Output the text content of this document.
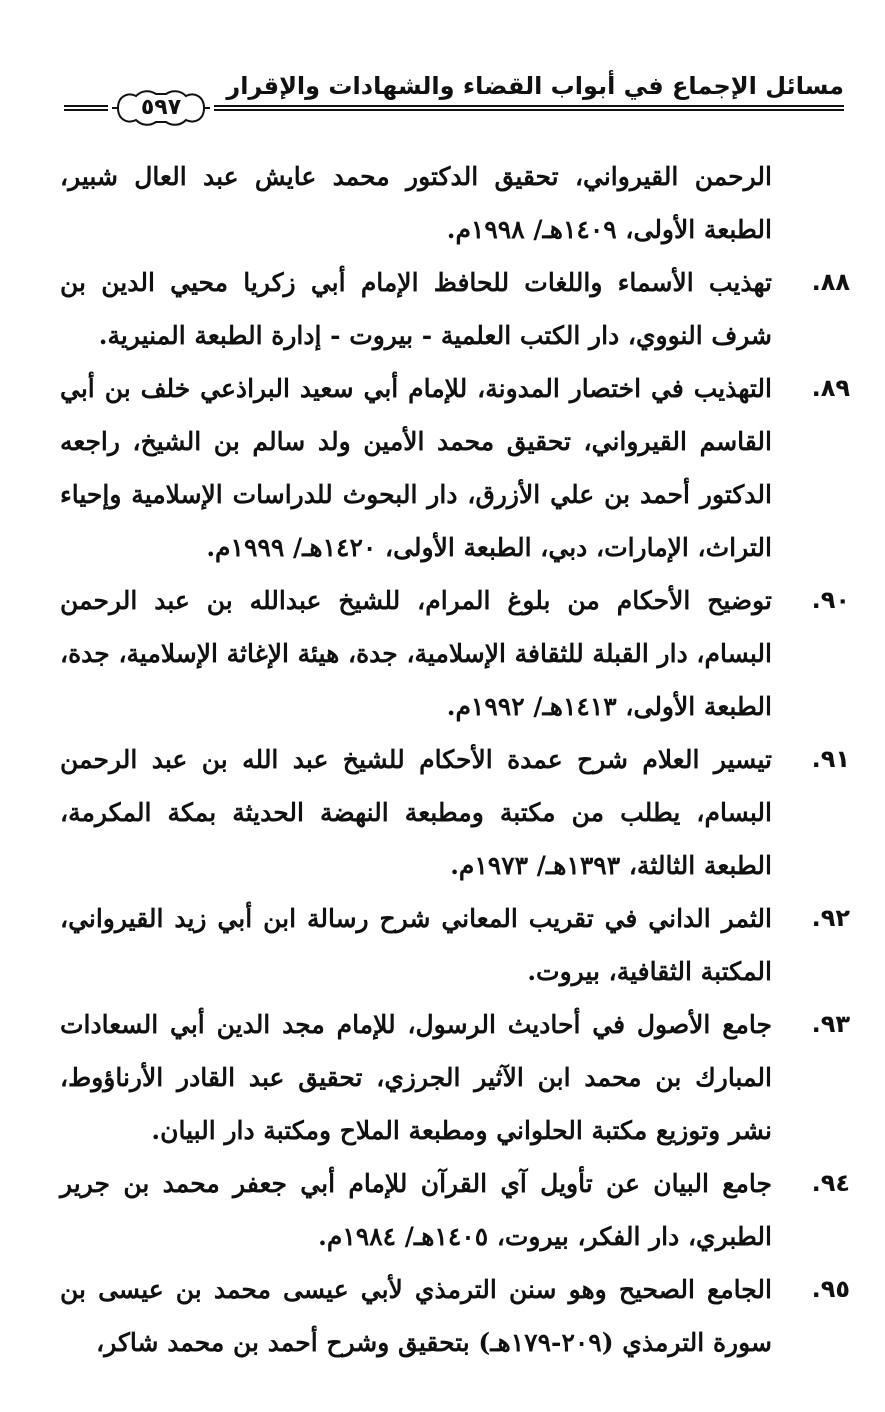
مسائل الإجماع في أبواب القضاء والشهادات والإقرار
٥٩٧
الرحمن القيرواني، تحقيق الدكتور محمد عايش عبد العال شبير، الطبعة الأولى، ١٤٠٩هـ/ ١٩٩٨م.
٨٨.
تهذيب الأسماء واللغات للحافظ الإمام أبي زكريا محيي الدين بن شرف النووي، دار الكتب العلمية - بيروت - إدارة الطبعة المنيرية.
٨٩.
التهذيب في اختصار المدونة، للإمام أبي سعيد البراذعي خلف بن أبي القاسم القيرواني، تحقيق محمد الأمين ولد سالم بن الشيخ، راجعه الدكتور أحمد بن علي الأزرق، دار البحوث للدراسات الإسلامية وإحياء التراث، الإمارات، دبي، الطبعة الأولى، ١٤٢٠هـ/ ١٩٩٩م.
٩٠.
توضيح الأحكام من بلوغ المرام، للشيخ عبدالله بن عبد الرحمن البسام، دار القبلة للثقافة الإسلامية، جدة، هيئة الإغاثة الإسلامية، جدة، الطبعة الأولى، ١٤١٣هـ/ ١٩٩٢م.
٩١.
تيسير العلام شرح عمدة الأحكام للشيخ عبد الله بن عبد الرحمن البسام، يطلب من مكتبة ومطبعة النهضة الحديثة بمكة المكرمة، الطبعة الثالثة، ١٣٩٣هـ/ ١٩٧٣م.
٩٢.
الثمر الداني في تقريب المعاني شرح رسالة ابن أبي زيد القيرواني، المكتبة الثقافية، بيروت.
٩٣.
جامع الأصول في أحاديث الرسول، للإمام مجد الدين أبي السعادات المبارك بن محمد ابن الآثير الجرزي، تحقيق عبد القادر الأرناؤوط، نشر وتوزيع مكتبة الحلواني ومطبعة الملاح ومكتبة دار البيان.
٩٤.
جامع البيان عن تأويل آي القرآن للإمام أبي جعفر محمد بن جرير الطبري، دار الفكر، بيروت، ١٤٠٥هـ/ ١٩٨٤م.
٩٥.
الجامع الصحيح وهو سنن الترمذي لأبي عيسى محمد بن عيسى بن سورة الترمذي (٢٠٩-١٧٩هـ) بتحقيق وشرح أحمد بن محمد شاكر،
